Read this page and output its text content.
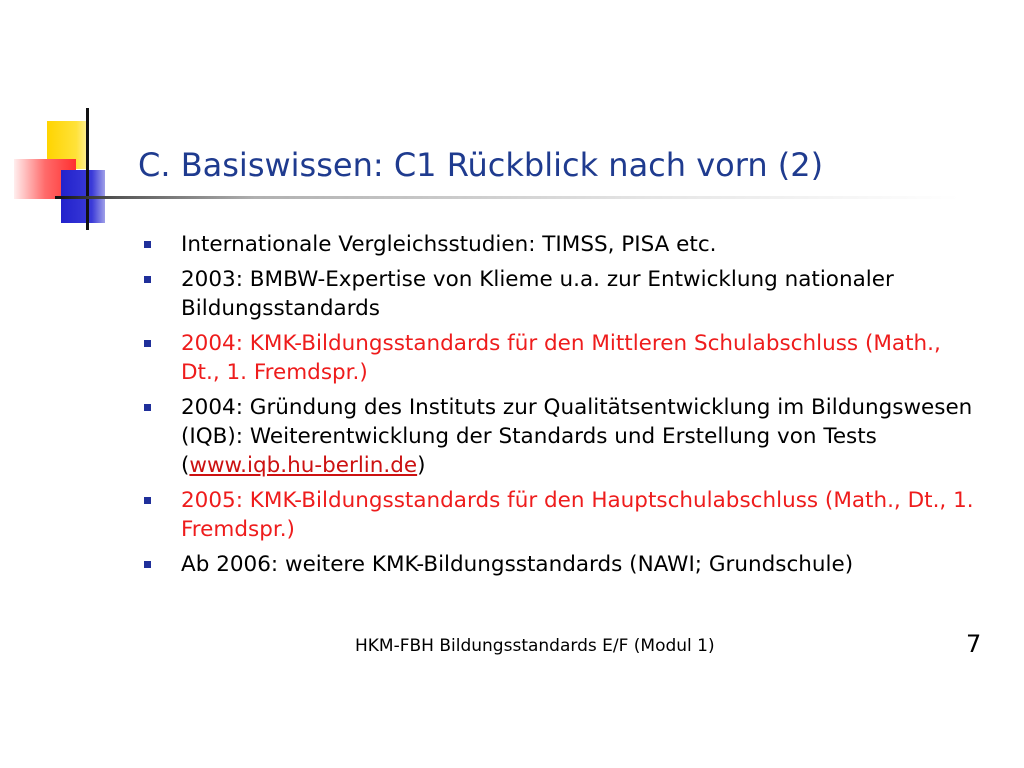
C. Basiswissen: C1 Rückblick nach vorn (2)
Internationale Vergleichsstudien: TIMSS, PISA etc.
2003: BMBW-Expertise von Klieme u.a. zur Entwicklung nationaler Bildungsstandards
2004: KMK-Bildungsstandards für den Mittleren Schulabschluss (Math., Dt., 1. Fremdspr.)
2004: Gründung des Instituts zur Qualitätsentwicklung im Bildungswesen (IQB): Weiterentwicklung der Standards und Erstellung von Tests (www.iqb.hu-berlin.de)
2005: KMK-Bildungsstandards für den Hauptschulabschluss (Math., Dt., 1. Fremdspr.)
Ab 2006: weitere KMK-Bildungsstandards (NAWI; Grundschule)
HKM-FBH Bildungsstandards E/F (Modul 1)	7
